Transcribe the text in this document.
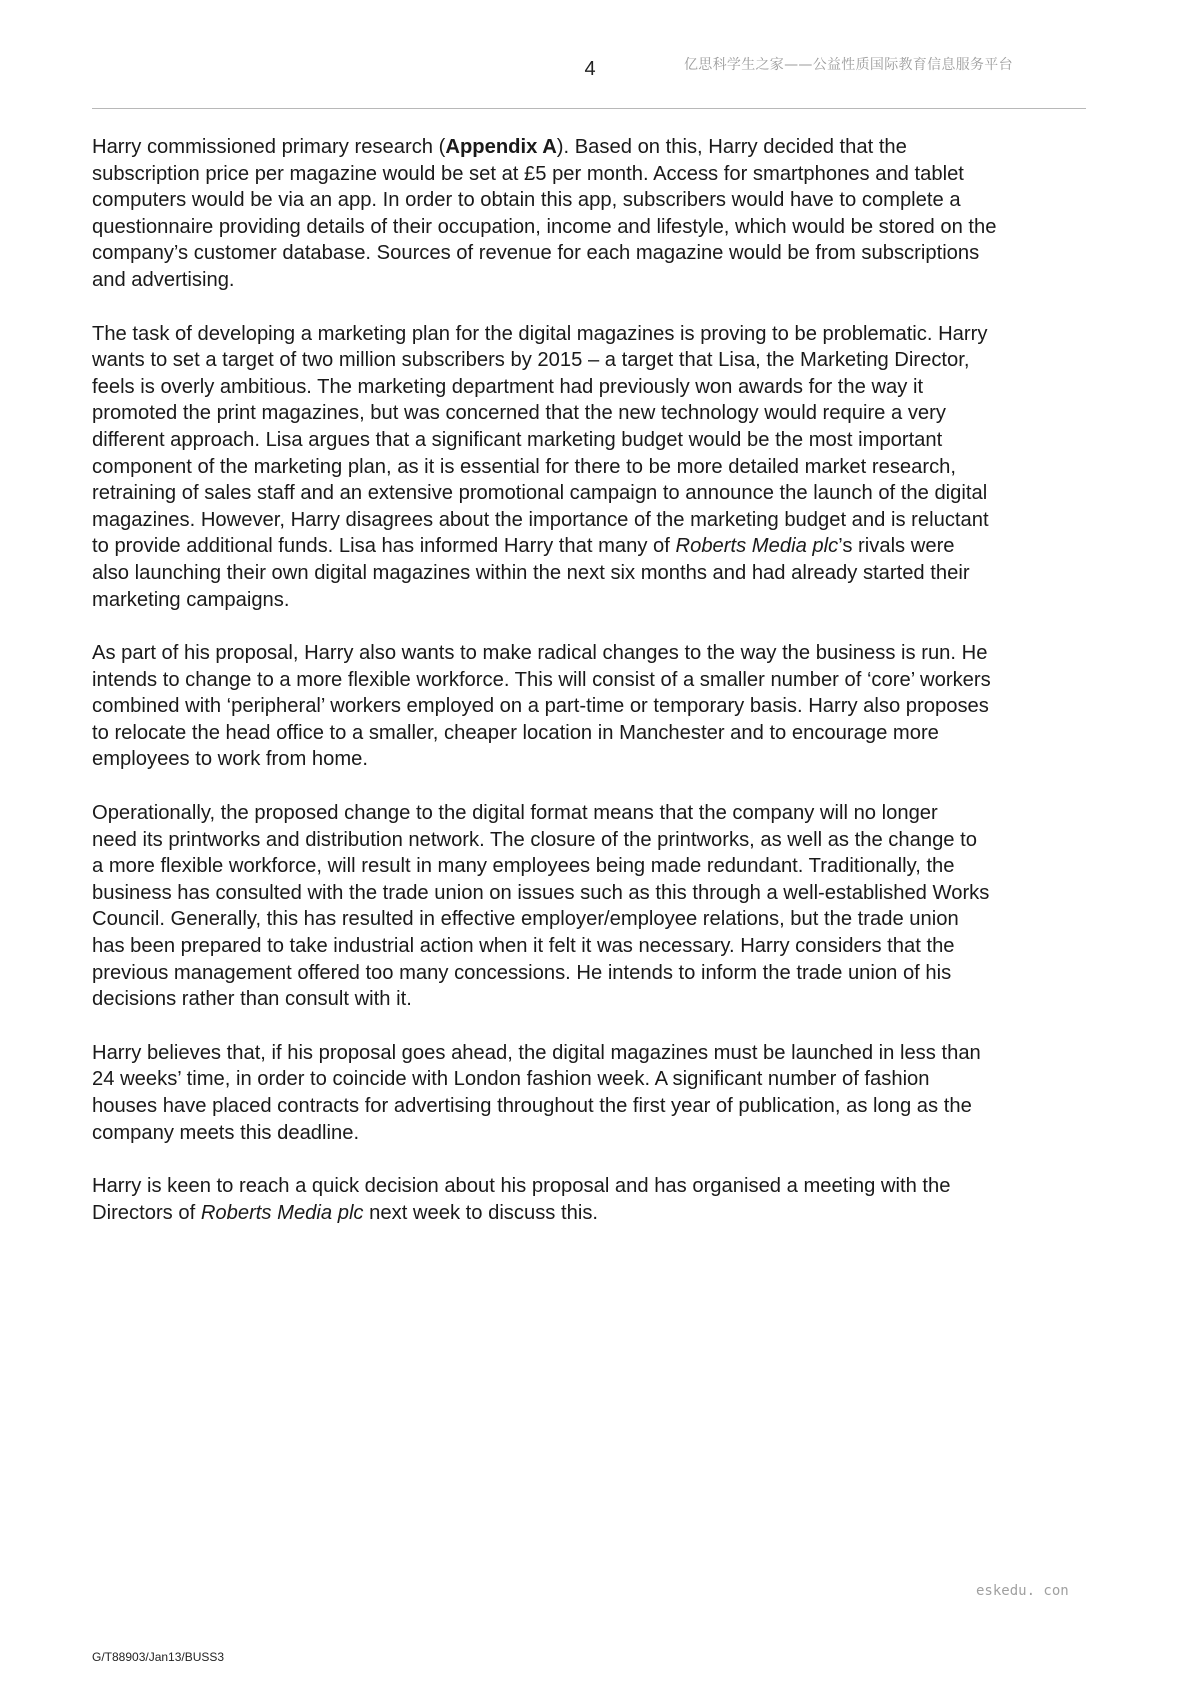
4	亿思科学生之家——公益性质国际教育信息服务平台

Harry commissioned primary research (Appendix A). Based on this, Harry decided that the
subscription price per magazine would be set at £5 per month. Access for smartphones and tablet
computers would be via an app. In order to obtain this app, subscribers would have to complete a
questionnaire providing details of their occupation, income and lifestyle, which would be stored on the
company’s customer database. Sources of revenue for each magazine would be from subscriptions
and advertising.

The task of developing a marketing plan for the digital magazines is proving to be problematic. Harry
wants to set a target of two million subscribers by 2015 – a target that Lisa, the Marketing Director,
feels is overly ambitious. The marketing department had previously won awards for the way it
promoted the print magazines, but was concerned that the new technology would require a very
different approach. Lisa argues that a significant marketing budget would be the most important
component of the marketing plan, as it is essential for there to be more detailed market research,
retraining of sales staff and an extensive promotional campaign to announce the launch of the digital
magazines. However, Harry disagrees about the importance of the marketing budget and is reluctant
to provide additional funds. Lisa has informed Harry that many of Roberts Media plc’s rivals were
also launching their own digital magazines within the next six months and had already started their
marketing campaigns.

As part of his proposal, Harry also wants to make radical changes to the way the business is run. He
intends to change to a more flexible workforce. This will consist of a smaller number of ‘core’ workers
combined with ‘peripheral’ workers employed on a part-time or temporary basis. Harry also proposes
to relocate the head office to a smaller, cheaper location in Manchester and to encourage more
employees to work from home.

Operationally, the proposed change to the digital format means that the company will no longer
need its printworks and distribution network. The closure of the printworks, as well as the change to
a more flexible workforce, will result in many employees being made redundant. Traditionally, the
business has consulted with the trade union on issues such as this through a well-established Works
Council. Generally, this has resulted in effective employer/employee relations, but the trade union
has been prepared to take industrial action when it felt it was necessary. Harry considers that the
previous management offered too many concessions. He intends to inform the trade union of his
decisions rather than consult with it.

Harry believes that, if his proposal goes ahead, the digital magazines must be launched in less than
24 weeks’ time, in order to coincide with London fashion week. A significant number of fashion
houses have placed contracts for advertising throughout the first year of publication, as long as the
company meets this deadline.

Harry is keen to reach a quick decision about his proposal and has organised a meeting with the
Directors of Roberts Media plc next week to discuss this.

eskedu. con
G/T88903/Jan13/BUSS3
